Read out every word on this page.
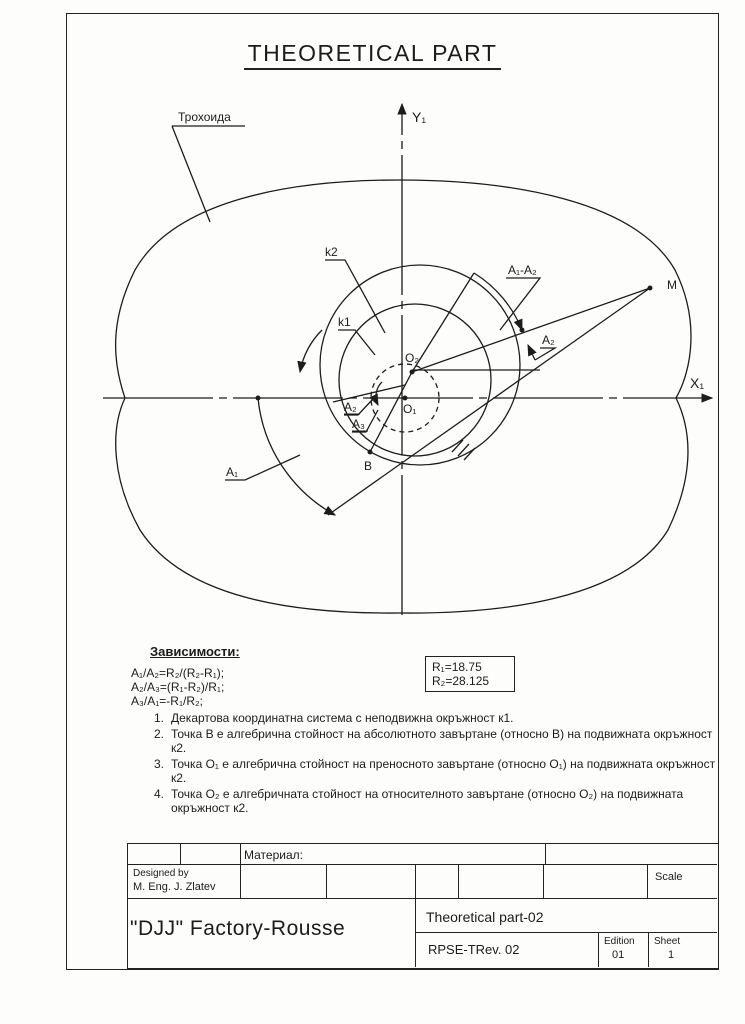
THEORETICAL PART
Трохоида	Y₁
X₁
k2
k1
O₂
O₁
M
B
A₁
A₁-A₂
A₂
A₂
A₃
Зависимости:
A₁/A₂=R₂/(R₂-R₁);
A₂/A₃=(R₁-R₂)/R₁;
A₃/A₁=-R₁/R₂;
R₁=18.75
R₂=28.125
1. Декартова координатна система с неподвижна окръжност к1.
2. Точка B е алгебрична стойност на абсолютното завъртане (относно B) на подвижната окръжност к2.
3. Точка O₁ е алгебрична стойност на преносното завъртане (относно O₁) на подвижната окръжност к2.
4. Точка O₂ е алгебричната стойност на относителното завъртане (относно O₂) на подвижната окръжност к2.
Материал:
Designed by
M. Eng. J. Zlatev
Scale
"DJJ" Factory-Rousse	Theoretical part-02
RPSE-TRev. 02
Edition
01
Sheet
1
